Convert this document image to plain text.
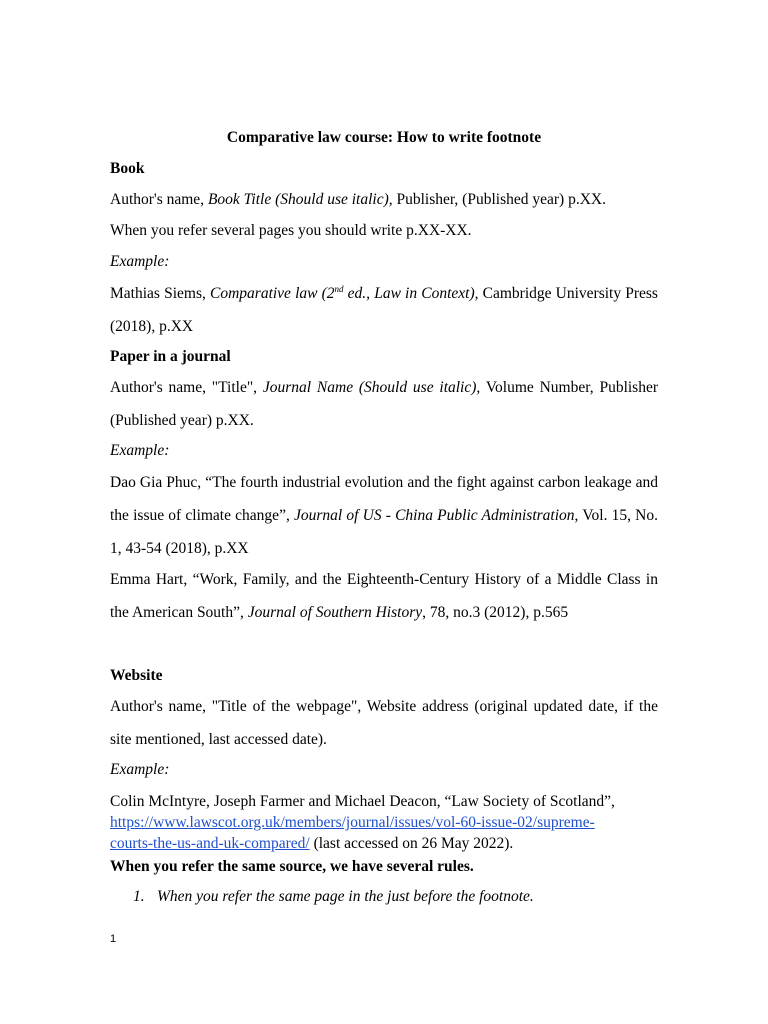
Comparative law course: How to write footnote
Book
Author's name, Book Title (Should use italic), Publisher, (Published year) p.XX.
When you refer several pages you should write p.XX-XX.
Example:
Mathias Siems, Comparative law (2nd ed., Law in Context), Cambridge University Press (2018), p.XX
Paper in a journal
Author's name, "Title", Journal Name (Should use italic), Volume Number, Publisher (Published year) p.XX.
Example:
Dao Gia Phuc, “The fourth industrial evolution and the fight against carbon leakage and the issue of climate change”, Journal of US - China Public Administration, Vol. 15, No. 1, 43-54 (2018), p.XX
Emma Hart, “Work, Family, and the Eighteenth-Century History of a Middle Class in the American South”, Journal of Southern History, 78, no.3 (2012), p.565
Website
Author's name, "Title of the webpage", Website address (original updated date, if the site mentioned, last accessed date).
Example:
Colin McIntyre, Joseph Farmer and Michael Deacon, “Law Society of Scotland”,
https://www.lawscot.org.uk/members/journal/issues/vol-60-issue-02/supreme-
courts-the-us-and-uk-compared/ (last accessed on 26 May 2022).
When you refer the same source, we have several rules.
1. When you refer the same page in the just before the footnote.
1
